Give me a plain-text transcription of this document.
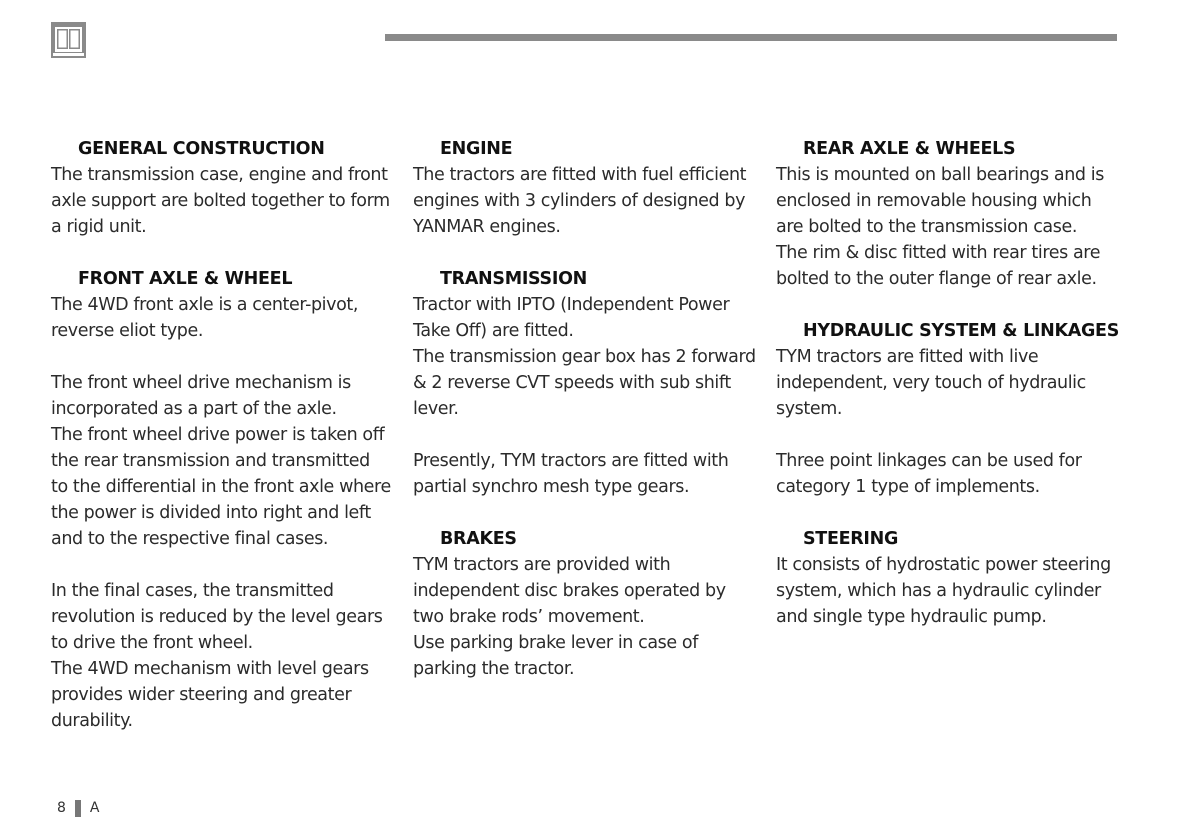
GENERAL CONSTRUCTION

The transmission case, engine and front
axle support are bolted together to form
a rigid unit.

FRONT AXLE & WHEEL

The 4WD front axle is a center-pivot,
reverse eliot type.

The front wheel drive mechanism is
incorporated as a part of the axle.
The front wheel drive power is taken off
the rear transmission and transmitted
to the differential in the front axle where
the power is divided into right and left
and to the respective final cases.

In the final cases, the transmitted
revolution is reduced by the level gears
to drive the front wheel.
The 4WD mechanism with level gears
provides wider steering and greater
durability.

ENGINE

The tractors are fitted with fuel efficient
engines with 3 cylinders of designed by
YANMAR engines.

TRANSMISSION

Tractor with IPTO (Independent Power
Take Off) are fitted.
The transmission gear box has 2 forward
& 2 reverse CVT speeds with sub shift
lever.

Presently, TYM tractors are fitted with
partial synchro mesh type gears.

BRAKES

TYM tractors are provided with
independent disc brakes operated by
two brake rods’ movement.
Use parking brake lever in case of
parking the tractor.

REAR AXLE & WHEELS

This is mounted on ball bearings and is
enclosed in removable housing which
are bolted to the transmission case.
The rim & disc fitted with rear tires are
bolted to the outer flange of rear axle.

HYDRAULIC SYSTEM & LINKAGES

TYM tractors are fitted with live
independent, very touch of hydraulic
system.

Three point linkages can be used for
category 1 type of implements.

STEERING

It consists of hydrostatic power steering
system, which has a hydraulic cylinder
and single type hydraulic pump.

8 A
